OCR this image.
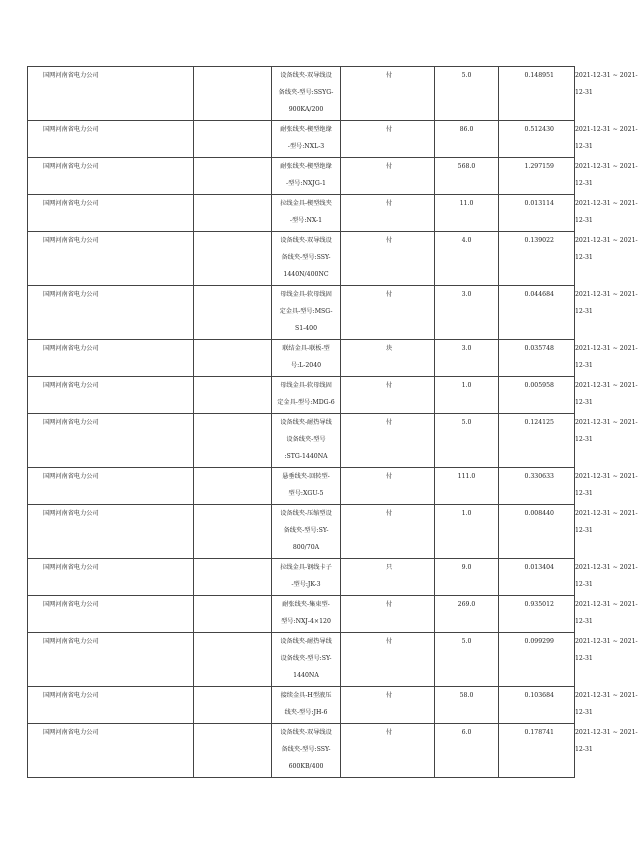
国网河南省电力公司		设备线夹-双导线设
备线夹-型号:SSYG-
900KA/200	付	5.0	0.148951	2021-12-31 ~ 2021-
12-31

国网河南省电力公司		耐张线夹-楔型绝缘
-型号:NXL-3	付	86.0	0.512430	2021-12-31 ~ 2021-
12-31

国网河南省电力公司		耐张线夹-楔型绝缘
-型号:NXJG-1	付	568.0	1.297159	2021-12-31 ~ 2021-
12-31

国网河南省电力公司		拉线金具-楔型线夹
-型号:NX-1	付	11.0	0.013114	2021-12-31 ~ 2021-
12-31

国网河南省电力公司		设备线夹-双导线设
备线夹-型号:SSY-
1440N/400NC	付	4.0	0.139022	2021-12-31 ~ 2021-
12-31

国网河南省电力公司		母线金具-软母线固
定金具-型号:MSG-
S1-400	付	3.0	0.044684	2021-12-31 ~ 2021-
12-31

国网河南省电力公司		联结金具-联板-型
号:L-2040	块	3.0	0.035748	2021-12-31 ~ 2021-
12-31

国网河南省电力公司		母线金具-软母线固
定金具-型号:MDG-6	付	1.0	0.005958	2021-12-31 ~ 2021-
12-31

国网河南省电力公司		设备线夹-耐热导线
设备线夹-型号
:STG-1440NA	付	5.0	0.124125	2021-12-31 ~ 2021-
12-31

国网河南省电力公司		悬垂线夹-回转型-
型号:XGU-5	付	111.0	0.330633	2021-12-31 ~ 2021-
12-31

国网河南省电力公司		设备线夹-压缩型设
备线夹-型号:SY-
800/70A	付	1.0	0.008440	2021-12-31 ~ 2021-
12-31

国网河南省电力公司		拉线金具-钢线卡子
-型号:JK-3	只	9.0	0.013404	2021-12-31 ~ 2021-
12-31

国网河南省电力公司		耐张线夹-集束型-
型号:NXJ-4×120	付	269.0	0.935012	2021-12-31 ~ 2021-
12-31

国网河南省电力公司		设备线夹-耐热导线
设备线夹-型号:SY-
1440NA	付	5.0	0.099299	2021-12-31 ~ 2021-
12-31

国网河南省电力公司		接续金具-H型液压
线夹-型号:JH-6	付	58.0	0.103684	2021-12-31 ~ 2021-
12-31

国网河南省电力公司		设备线夹-双导线设
备线夹-型号:SSY-
600KB/400	付	6.0	0.178741	2021-12-31 ~ 2021-
12-31
